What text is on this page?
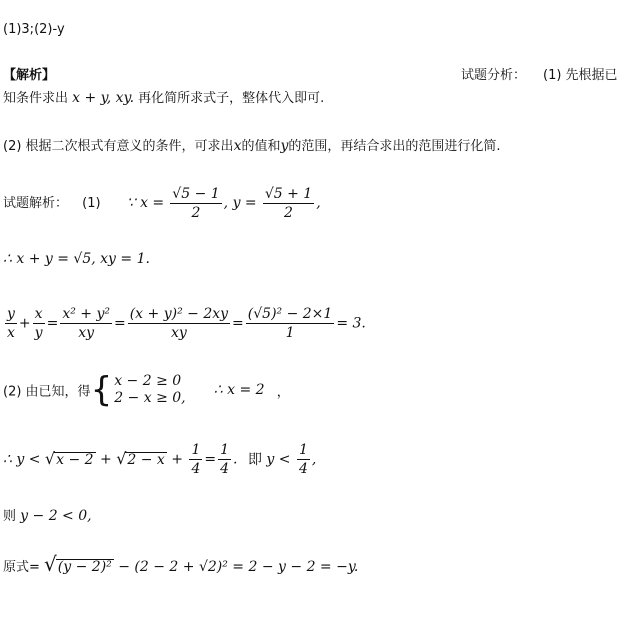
(1)3;(2)-y
【解析】	试题分析： (1) 先根据已
知条件求出 x + y, xy. 再化简所求式子，整体代入即可.
(2) 根据二次根式有意义的条件，可求出x的值和y的范围，再结合求出的范围进行化简.
试题解析： (1) ∵ $x = \frac{√5 - 1}{2}$ , $y = \frac{√5 + 1}{2}$ ,
∴ x + y = √5, xy = 1.
$\frac{y}{x} + \frac{x}{y} = \frac{\text{x² + y²}}{xy} = \frac{\text{(x + y)² − 2xy}}{xy} = \frac{\text{(√5)² − 2×1}}{1} = 3$.
(2) 由已知，得{ x − 2 ≥ 0
2 − x ≥ 0, ∴ x = 2 ，
∴ $y < √x - 2 + √2 - x + \frac{1}{4} = \frac{1}{4}$ . 即 $y < \frac{1}{4}$ ,
则 y − 2 < 0,
原式= √(y − 2)² − (2 − 2 + √2)² = 2 − y − 2 = −y.
